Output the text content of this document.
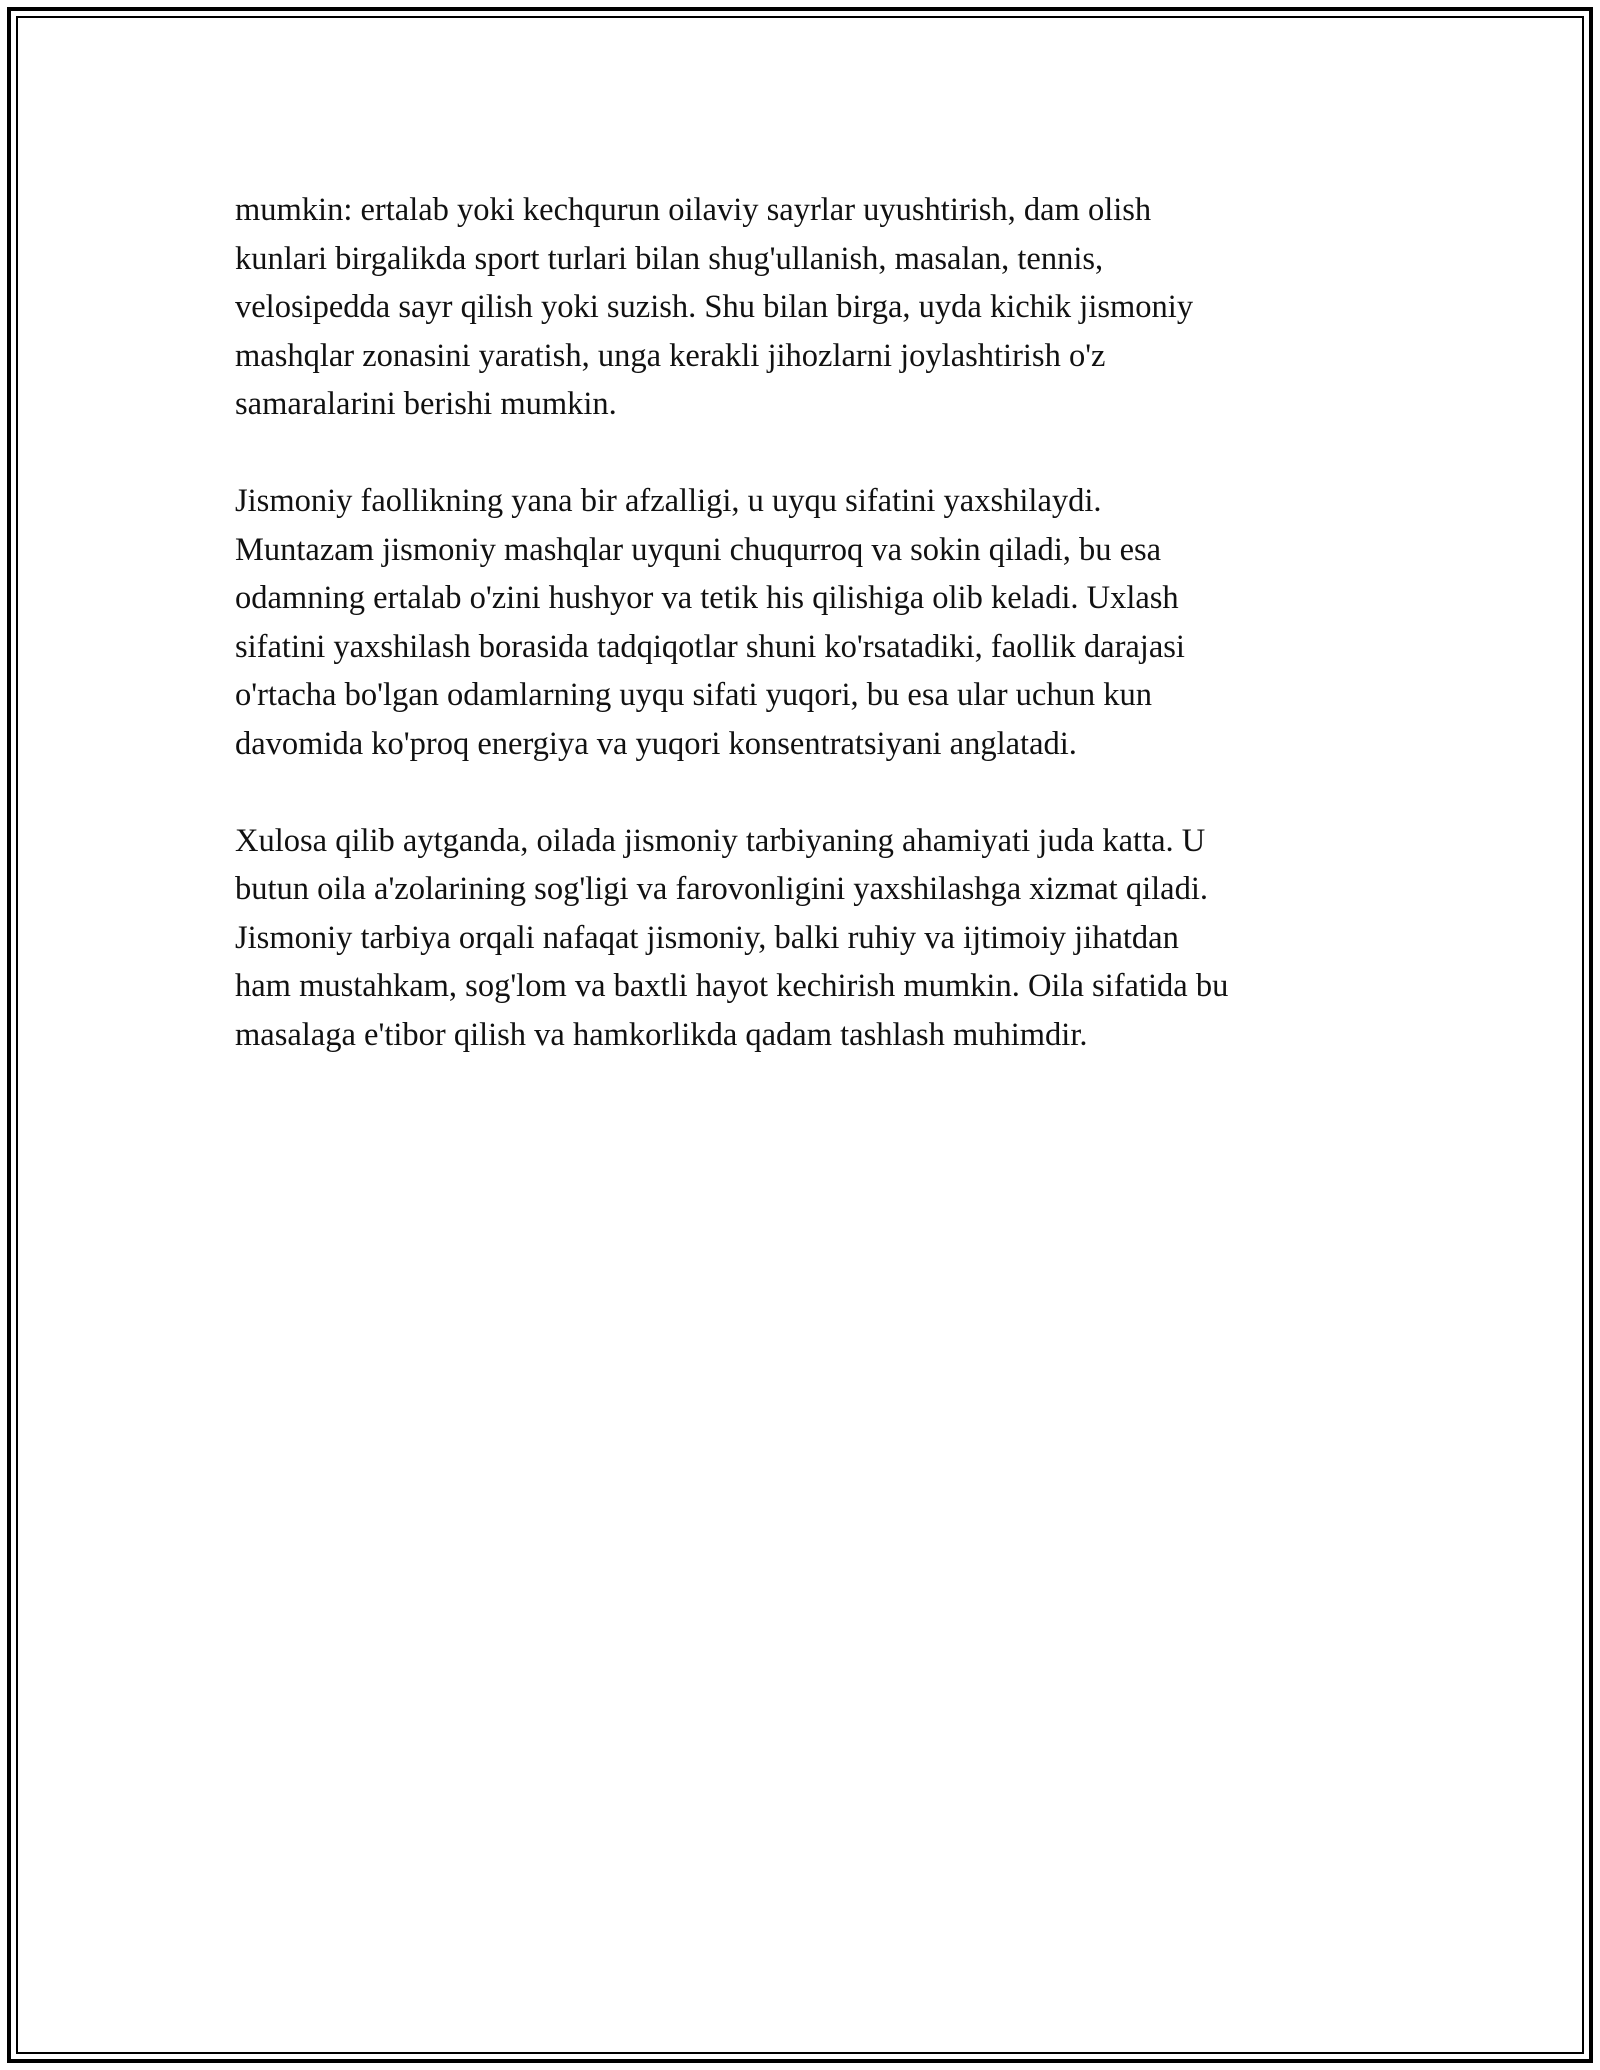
mumkin: ertalab yoki kechqurun oilaviy sayrlar uyushtirish, dam olish
kunlari birgalikda sport turlari bilan shug'ullanish, masalan, tennis,
velosipedda sayr qilish yoki suzish. Shu bilan birga, uyda kichik jismoniy
mashqlar zonasini yaratish, unga kerakli jihozlarni joylashtirish o'z
samaralarini berishi mumkin.

Jismoniy faollikning yana bir afzalligi, u uyqu sifatini yaxshilaydi.
Muntazam jismoniy mashqlar uyquni chuqurroq va sokin qiladi, bu esa
odamning ertalab o'zini hushyor va tetik his qilishiga olib keladi. Uxlash
sifatini yaxshilash borasida tadqiqotlar shuni ko'rsatadiki, faollik darajasi
o'rtacha bo'lgan odamlarning uyqu sifati yuqori, bu esa ular uchun kun
davomida ko'proq energiya va yuqori konsentratsiyani anglatadi.

Xulosa qilib aytganda, oilada jismoniy tarbiyaning ahamiyati juda katta. U
butun oila a'zolarining sog'ligi va farovonligini yaxshilashga xizmat qiladi.
Jismoniy tarbiya orqali nafaqat jismoniy, balki ruhiy va ijtimoiy jihatdan
ham mustahkam, sog'lom va baxtli hayot kechirish mumkin. Oila sifatida bu
masalaga e'tibor qilish va hamkorlikda qadam tashlash muhimdir.
